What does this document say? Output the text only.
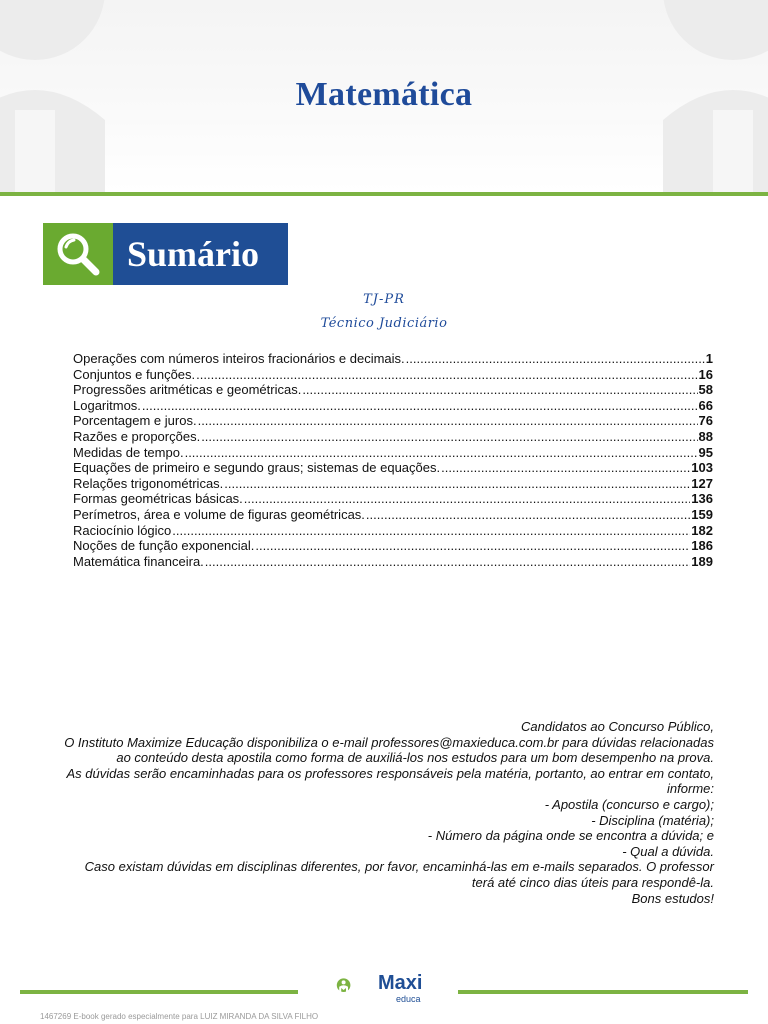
Matemática
Sumário
TJ-PR
Técnico Judiciário
Operações com números inteiros fracionários e decimais. .....	1
Conjuntos e funções. .....	16
Progressões aritméticas e geométricas. .....	58
Logaritmos. .....	66
Porcentagem e juros. .....	76
Razões e proporções. .....	88
Medidas de tempo. .....	95
Equações de primeiro e segundo graus; sistemas de equações. .....	103
Relações trigonométricas. .....	127
Formas geométricas básicas. .....	136
Perímetros, área e volume de figuras geométricas. .....	159
Raciocínio lógico .....	182
Noções de função exponencial. .....	186
Matemática financeira. .....	189
Candidatos ao Concurso Público,
O Instituto Maximize Educação disponibiliza o e-mail professores@maxieduca.com.br para dúvidas relacionadas ao conteúdo desta apostila como forma de auxiliá-los nos estudos para um bom desempenho na prova.
As dúvidas serão encaminhadas para os professores responsáveis pela matéria, portanto, ao entrar em contato, informe:
- Apostila (concurso e cargo);
- Disciplina (matéria);
- Número da página onde se encontra a dúvida; e
- Qual a dúvida.
Caso existam dúvidas em disciplinas diferentes, por favor, encaminhá-las em e-mails separados. O professor terá até cinco dias úteis para respondê-la.
Bons estudos!
Maxi
educa
1467269 E-book gerado especialmente para LUIZ MIRANDA DA SILVA FILHO
